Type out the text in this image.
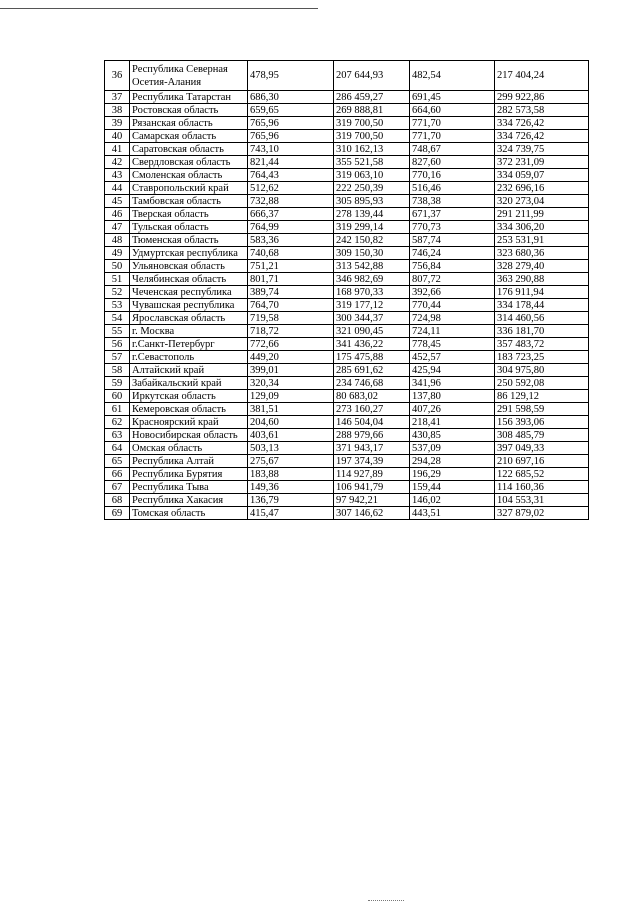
36	Республика Северная Осетия-Алания	478,95	207 644,93	482,54	217 404,24
37	Республика Татарстан	686,30	286 459,27	691,45	299 922,86
38	Ростовская область	659,65	269 888,81	664,60	282 573,58
39	Рязанская область	765,96	319 700,50	771,70	334 726,42
40	Самарская область	765,96	319 700,50	771,70	334 726,42
41	Саратовская область	743,10	310 162,13	748,67	324 739,75
42	Свердловская область	821,44	355 521,58	827,60	372 231,09
43	Смоленская область	764,43	319 063,10	770,16	334 059,07
44	Ставропольский край	512,62	222 250,39	516,46	232 696,16
45	Тамбовская область	732,88	305 895,93	738,38	320 273,04
46	Тверская область	666,37	278 139,44	671,37	291 211,99
47	Тульская область	764,99	319 299,14	770,73	334 306,20
48	Тюменская область	583,36	242 150,82	587,74	253 531,91
49	Удмуртская республика	740,68	309 150,30	746,24	323 680,36
50	Ульяновская область	751,21	313 542,88	756,84	328 279,40
51	Челябинская область	801,71	346 982,69	807,72	363 290,88
52	Чеченская республика	389,74	168 970,33	392,66	176 911,94
53	Чувашская республика	764,70	319 177,12	770,44	334 178,44
54	Ярославская область	719,58	300 344,37	724,98	314 460,56
55	г. Москва	718,72	321 090,45	724,11	336 181,70
56	г.Санкт-Петербург	772,66	341 436,22	778,45	357 483,72
57	г.Севастополь	449,20	175 475,88	452,57	183 723,25
58	Алтайский край	399,01	285 691,62	425,94	304 975,80
59	Забайкальский край	320,34	234 746,68	341,96	250 592,08
60	Иркутская область	129,09	80 683,02	137,80	86 129,12
61	Кемеровская область	381,51	273 160,27	407,26	291 598,59
62	Красноярский край	204,60	146 504,04	218,41	156 393,06
63	Новосибирская область	403,61	288 979,66	430,85	308 485,79
64	Омская область	503,13	371 943,17	537,09	397 049,33
65	Республика Алтай	275,67	197 374,39	294,28	210 697,16
66	Республика Бурятия	183,88	114 927,89	196,29	122 685,52
67	Республика Тыва	149,36	106 941,79	159,44	114 160,36
68	Республика Хакасия	136,79	97 942,21	146,02	104 553,31
69	Томская область	415,47	307 146,62	443,51	327 879,02
